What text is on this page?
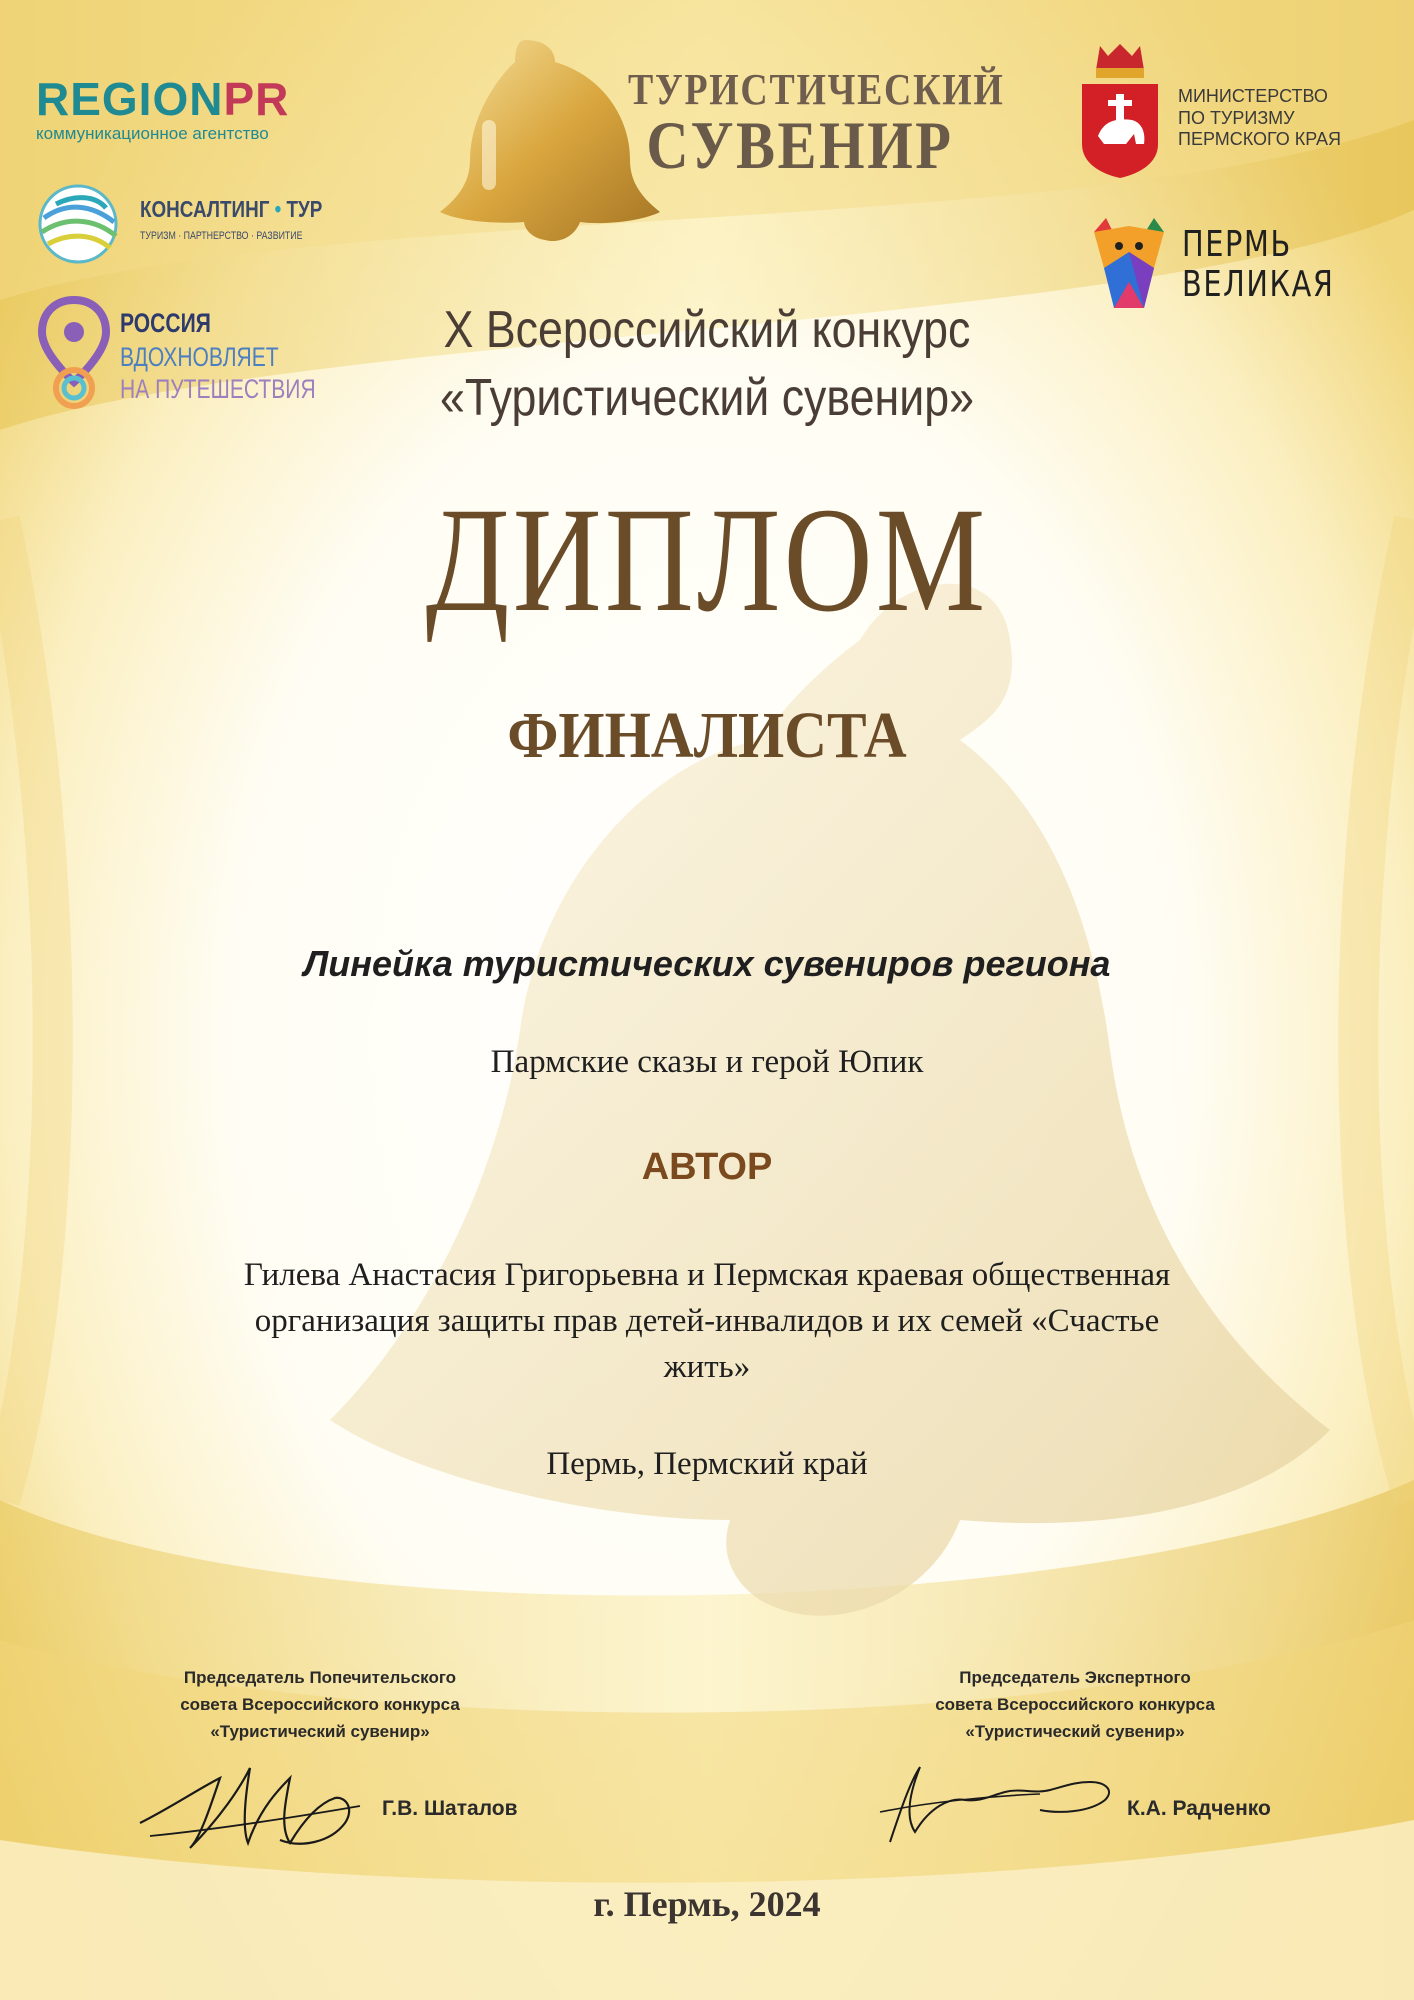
REGIONPR
коммуникационное агентство
КОНСАЛТИНГ • ТУР
ТУРИЗМ · ПАРТНЕРСТВО · РАЗВИТИЕ
РОССИЯ
ВДОХНОВЛЯЕТ
НА ПУТЕШЕСТВИЯ
ТУРИСТИЧЕСКИЙ
СУВЕНИР
МИНИСТЕРСТВО
ПО ТУРИЗМУ
ПЕРМСКОГО КРАЯ
ПЕРМЬ
ВЕЛИКАЯ
X Всероссийский конкурс
«Туристический сувенир»
ДИПЛОМ
ФИНАЛИСТА
Линейка туристических сувениров региона
Пармские сказы и герой Юпик
АВТОР
Гилева Анастасия Григорьевна и Пермская краевая общественная
организация защиты прав детей-инвалидов и их семей «Счастье
жить»
Пермь, Пермский край
Председатель Попечительского
совета Всероссийского конкурса
«Туристический сувенир»
Г.В. Шаталов
Председатель Экспертного
совета Всероссийского конкурса
«Туристический сувенир»
К.А. Радченко
г. Пермь, 2024
